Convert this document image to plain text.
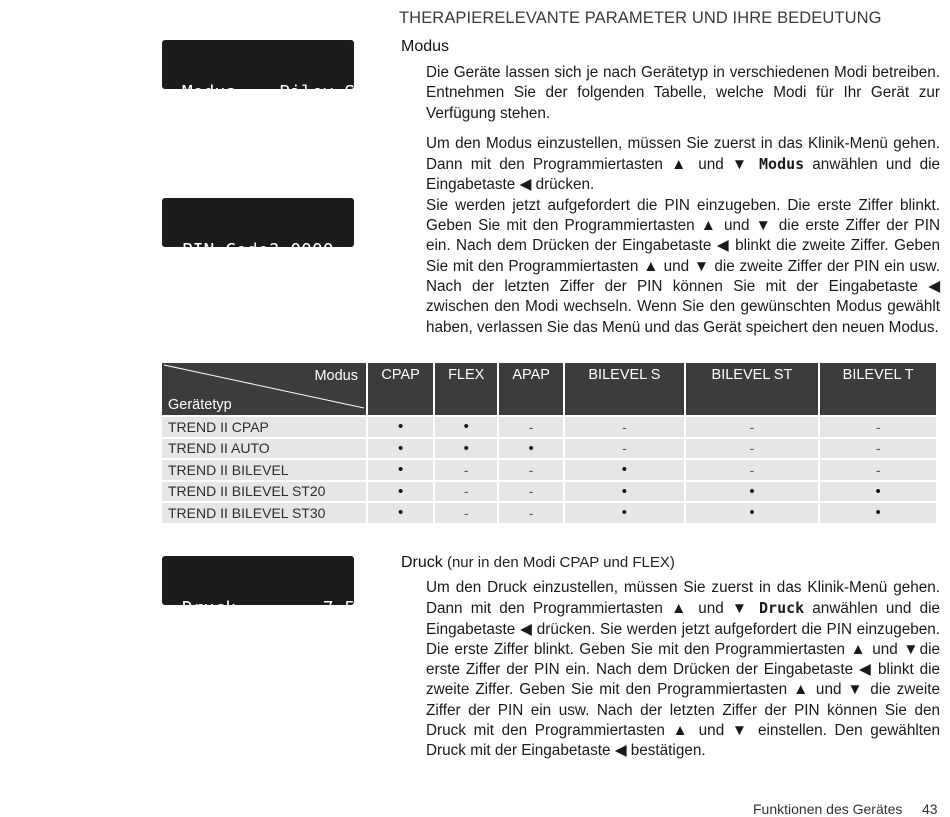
THERAPIERELEVANTE PARAMETER UND IHRE BEDEUTUNG

▸Modus....Bilev ST

Menü verlassen

▸PIN Code? 0000

Menü verlassen

▸Druck........7.5hPa

Menü verlassen

Modus

Die Geräte lassen sich je nach Gerätetyp in verschiedenen Modi betreiben. Entnehmen Sie der folgenden Tabelle, welche Modi für Ihr Gerät zur Verfügung stehen.

Um den Modus einzustellen, müssen Sie zuerst in das Klinik-Menü gehen. Dann mit den Programmiertasten ▲ und ▼ Modus anwählen und die Eingabetaste ◀ drücken.

Sie werden jetzt aufgefordert die PIN einzugeben. Die erste Ziffer blinkt. Geben Sie mit den Programmiertasten ▲ und ▼ die erste Ziffer der PIN ein. Nach dem Drücken der Eingabetaste ◀ blinkt die zweite Ziffer. Geben Sie mit den Programmiertasten ▲ und ▼ die zweite Ziffer der PIN ein usw. Nach der letzten Ziffer der PIN können Sie mit der Eingabetaste ◀ zwischen den Modi wechseln. Wenn Sie den gewünschten Modus gewählt haben, verlassen Sie das Menü und das Gerät speichert den neuen Modus.

Modus
Gerätetyp	CPAP	FLEX	APAP	BILEVEL S	BILEVEL ST	BILEVEL T
TREND II CPAP	•	•	-	-	-	-
TREND II AUTO	•	•	•	-	-	-
TREND II BILEVEL	•	-	-	•	-	-
TREND II BILEVEL ST20	•	-	-	•	•	•
TREND II BILEVEL ST30	•	-	-	•	•	•
Druck (nur in den Modi CPAP und FLEX)

Um den Druck einzustellen, müssen Sie zuerst in das Klinik-Menü gehen. Dann mit den Programmiertasten ▲ und ▼ Druck anwählen und die Eingabetaste ◀ drücken. Sie werden jetzt aufgefordert die PIN einzugeben. Die erste Ziffer blinkt. Geben Sie mit den Programmiertasten ▲ und ▼die erste Ziffer der PIN ein. Nach dem Drücken der Eingabetaste ◀ blinkt die zweite Ziffer. Geben Sie mit den Programmiertasten ▲ und ▼ die zweite Ziffer der PIN ein usw. Nach der letzten Ziffer der PIN können Sie den Druck mit den Programmiertasten ▲ und ▼ einstellen. Den gewählten Druck mit der Eingabetaste ◀ bestätigen.

Funktionen des Gerätes 43
